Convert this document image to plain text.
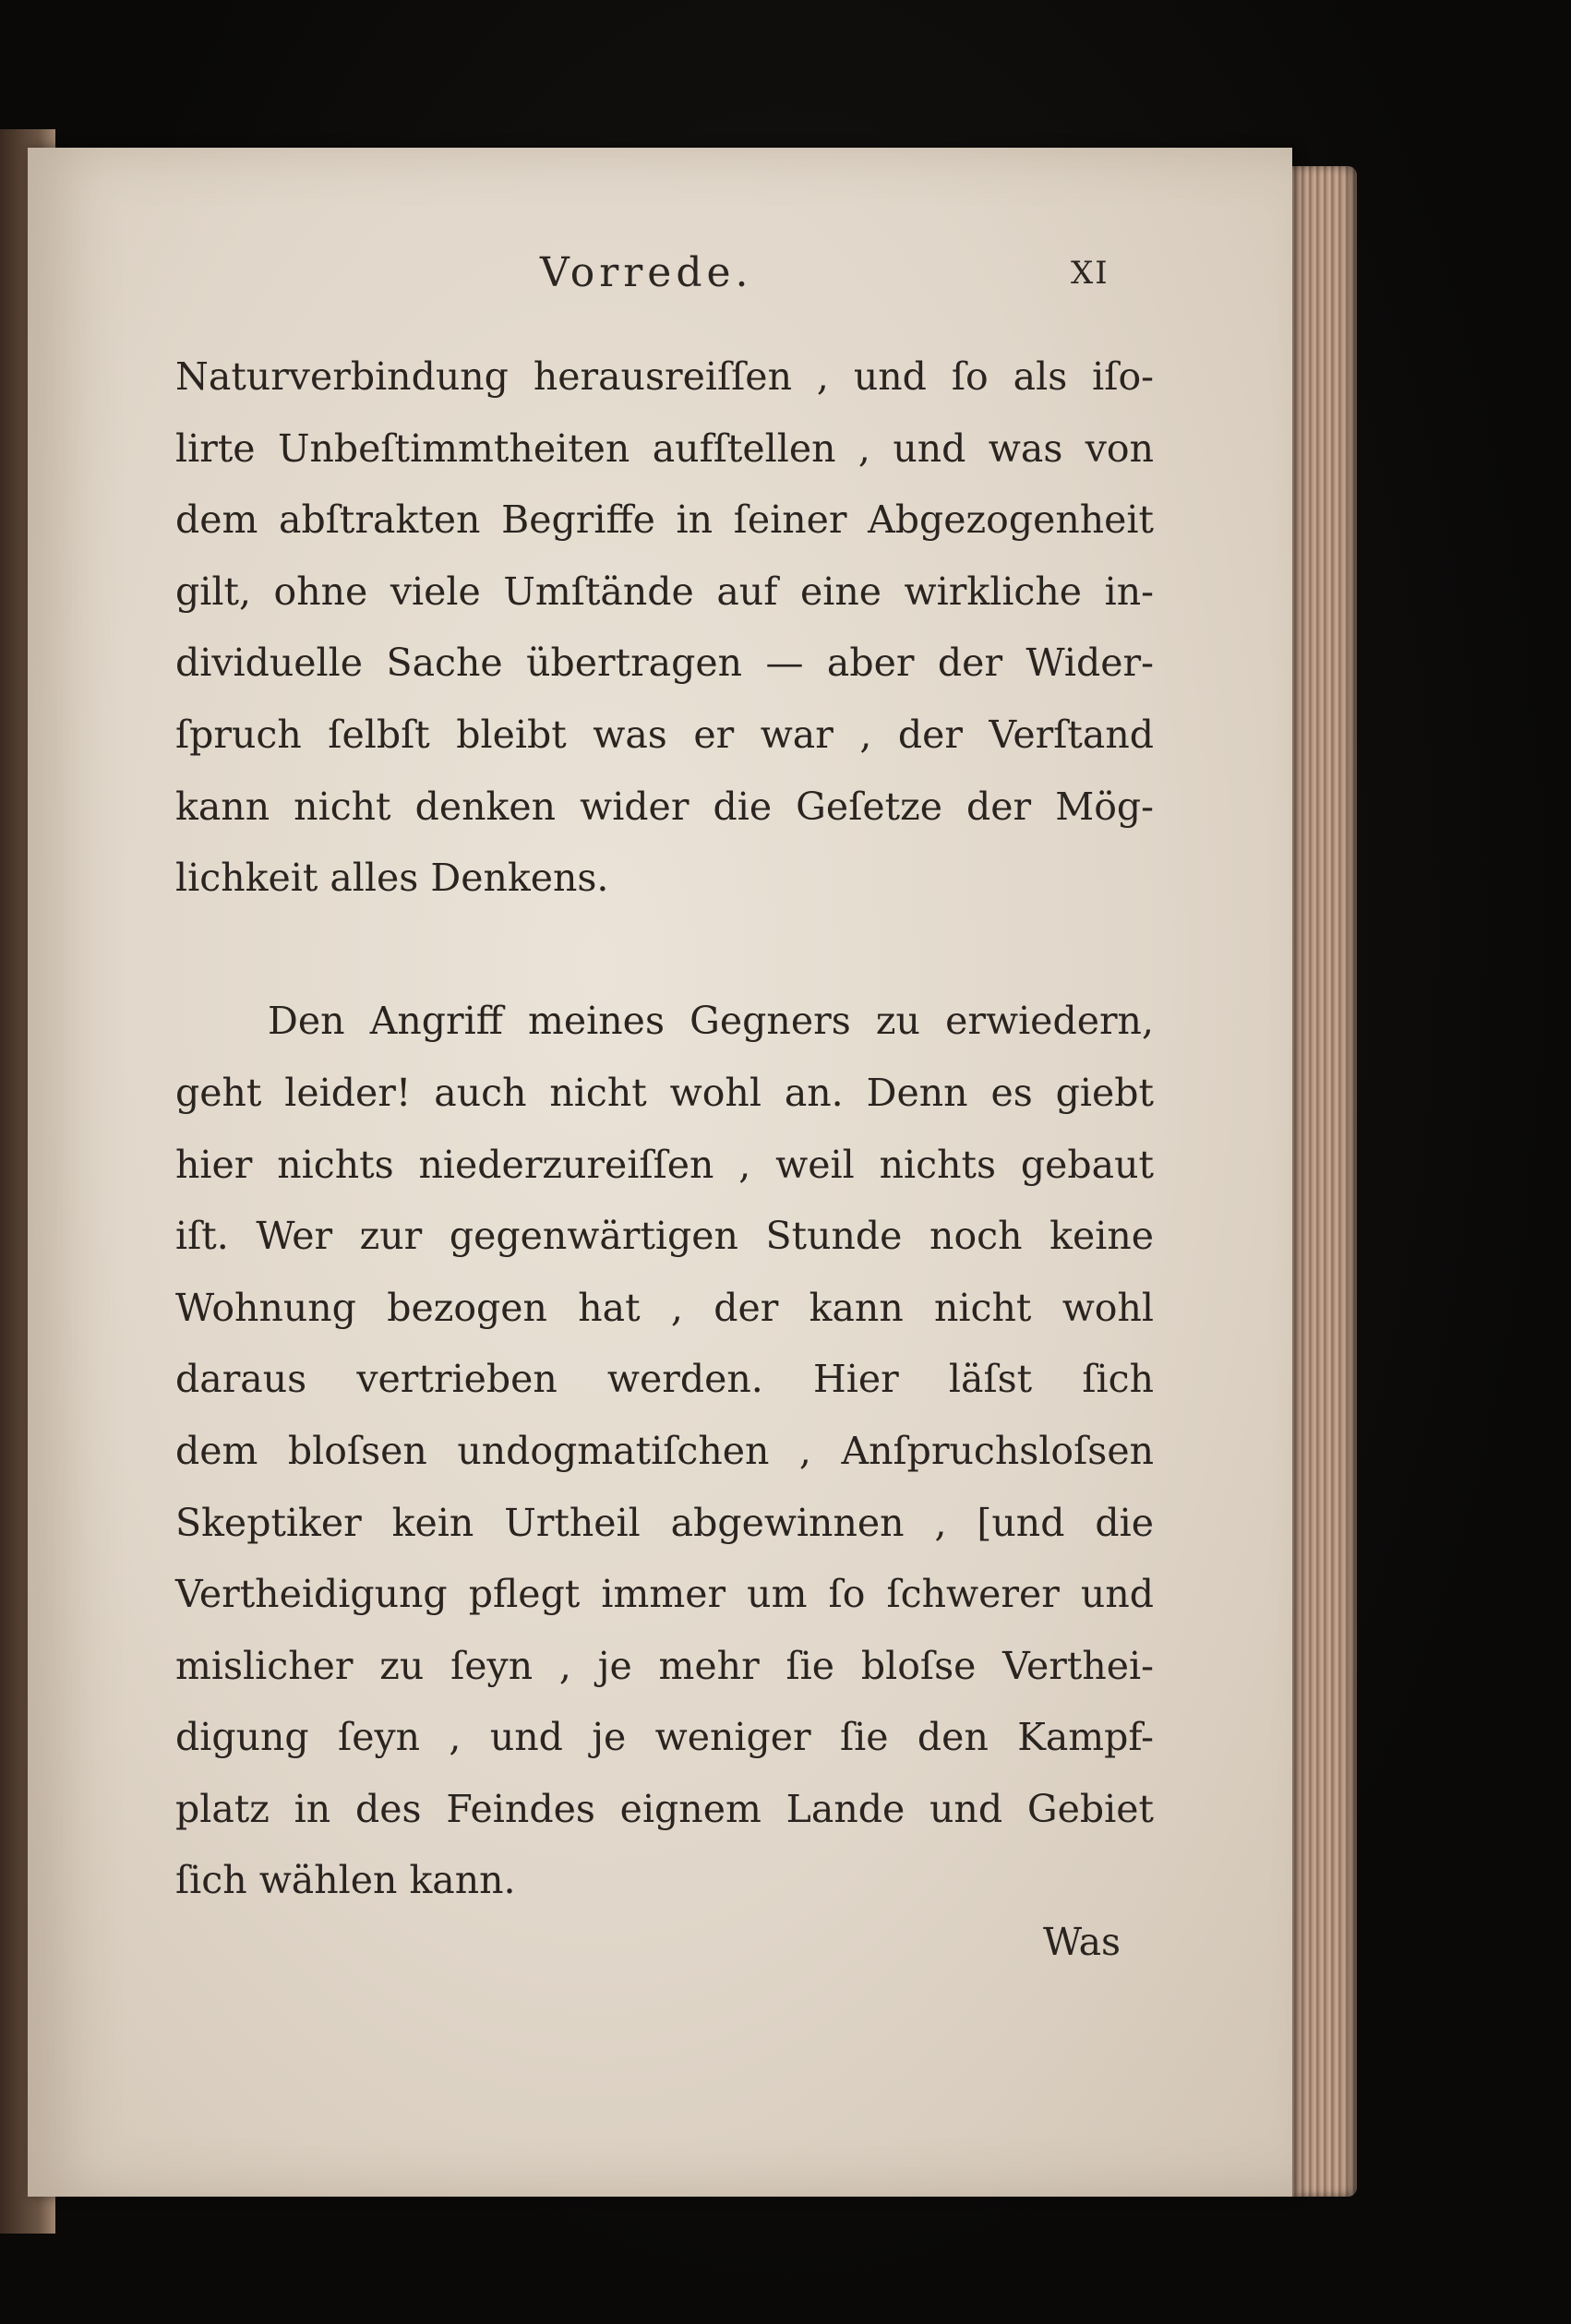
Vorrede.	XI
Naturverbindung herausreiſſen , und ſo als iſo-
lirte Unbeſtimmtheiten aufſtellen , und was von
dem abſtrakten Begriffe in ſeiner Abgezogenheit
gilt, ohne viele Umſtände auf eine wirkliche in-
dividuelle Sache übertragen — aber der Wider-
ſpruch ſelbſt bleibt was er war , der Verſtand
kann nicht denken wider die Geſetze der Mög-
lichkeit alles Denkens.
Den Angriff meines Gegners zu erwiedern,
geht leider! auch nicht wohl an. Denn es giebt
hier nichts niederzureiſſen , weil nichts gebaut
iſt. Wer zur gegenwärtigen Stunde noch keine
Wohnung bezogen hat , der kann nicht wohl
daraus vertrieben werden. Hier läſst ſich
dem bloſsen undogmatiſchen , Anſpruchsloſsen
Skeptiker kein Urtheil abgewinnen , [und die
Vertheidigung pflegt immer um ſo ſchwerer und
mislicher zu ſeyn , je mehr ſie bloſse Verthei-
digung ſeyn , und je weniger ſie den Kampf-
platz in des Feindes eignem Lande und Gebiet
ſich wählen kann.
Was
